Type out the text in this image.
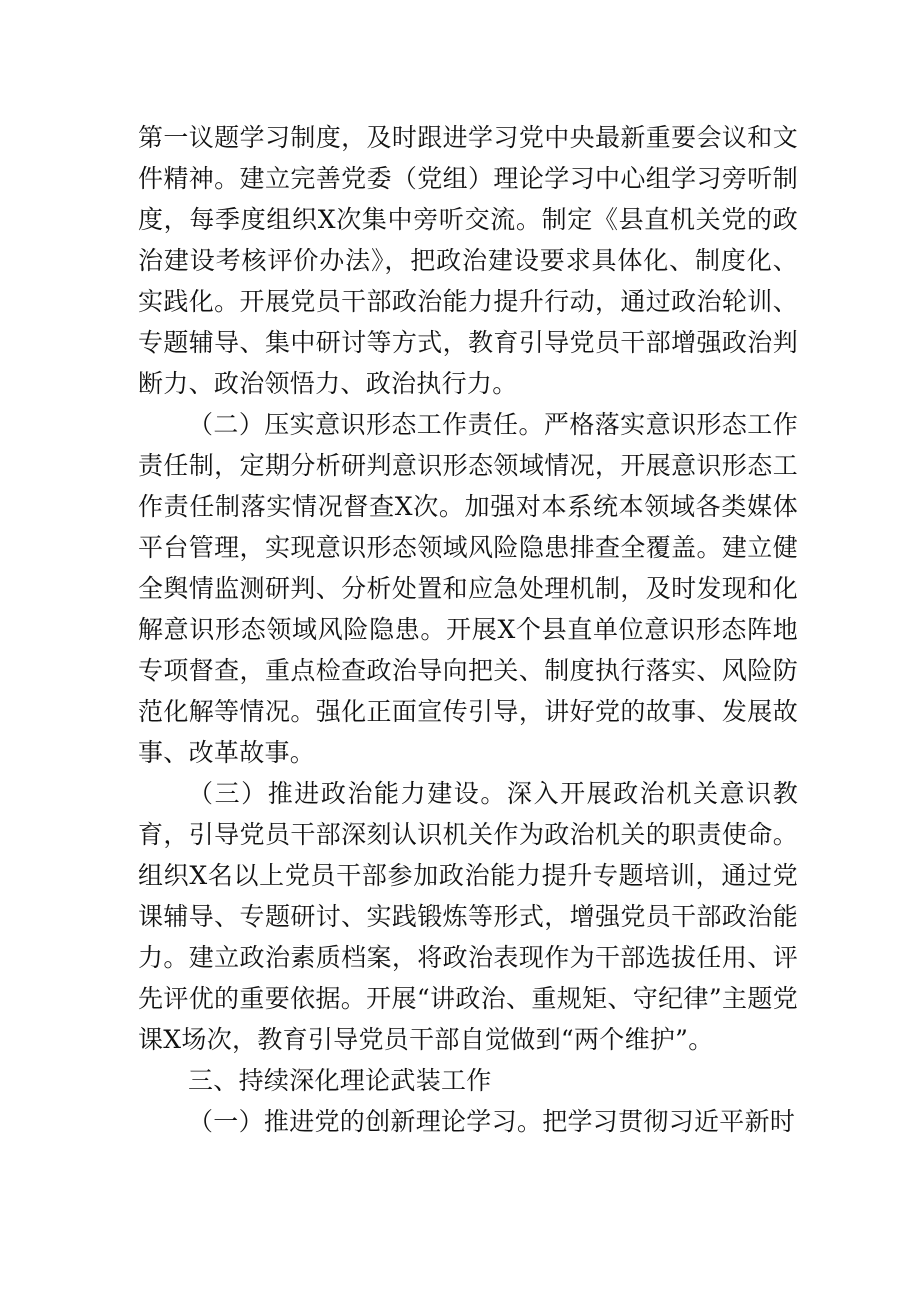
第一议题学习制度，及时跟进学习党中央最新重要会议和文件精神。建立完善党委（党组）理论学习中心组学习旁听制度，每季度组织X次集中旁听交流。制定《县直机关党的政治建设考核评价办法》，把政治建设要求具体化、制度化、实践化。开展党员干部政治能力提升行动，通过政治轮训、专题辅导、集中研讨等方式，教育引导党员干部增强政治判断力、政治领悟力、政治执行力。

（二）压实意识形态工作责任。严格落实意识形态工作责任制，定期分析研判意识形态领域情况，开展意识形态工作责任制落实情况督查X次。加强对本系统本领域各类媒体平台管理，实现意识形态领域风险隐患排查全覆盖。建立健全舆情监测研判、分析处置和应急处理机制，及时发现和化解意识形态领域风险隐患。开展X个县直单位意识形态阵地专项督查，重点检查政治导向把关、制度执行落实、风险防范化解等情况。强化正面宣传引导，讲好党的故事、发展故事、改革故事。

（三）推进政治能力建设。深入开展政治机关意识教育，引导党员干部深刻认识机关作为政治机关的职责使命。组织X名以上党员干部参加政治能力提升专题培训，通过党课辅导、专题研讨、实践锻炼等形式，增强党员干部政治能力。建立政治素质档案，将政治表现作为干部选拔任用、评先评优的重要依据。开展“讲政治、重规矩、守纪律”主题党课X场次，教育引导党员干部自觉做到“两个维护”。

三、持续深化理论武装工作

（一）推进党的创新理论学习。把学习贯彻习近平新时
